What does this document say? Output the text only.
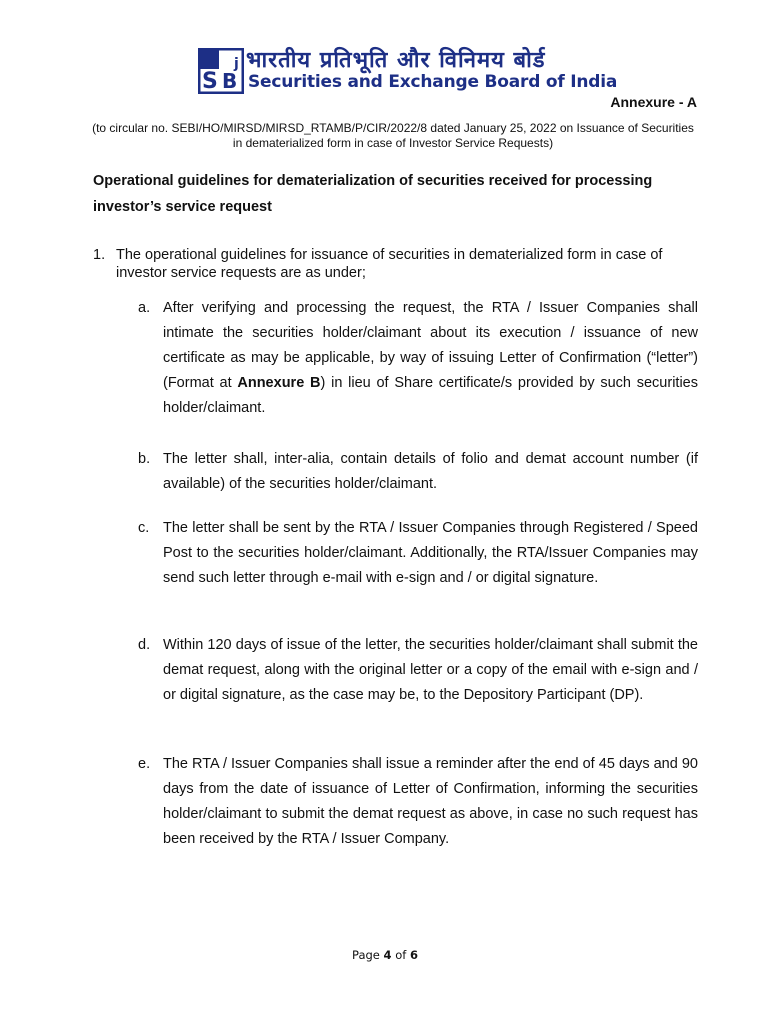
S B
j भारतीय प्रतिभूति और विनिमय बोर्ड
Securities and Exchange Board of India
Annexure - A
(to circular no. SEBI/HO/MIRSD/MIRSD_RTAMB/P/CIR/2022/8 dated January 25, 2022 on Issuance of Securities in dematerialized form in case of Investor Service Requests)
Operational guidelines for dematerialization of securities received for processing investor’s service request
1. The operational guidelines for issuance of securities in dematerialized form in case of investor service requests are as under;
a. After verifying and processing the request, the RTA / Issuer Companies shall intimate the securities holder/claimant about its execution / issuance of new certificate as may be applicable, by way of issuing Letter of Confirmation (“letter”) (Format at Annexure B) in lieu of Share certificate/s provided by such securities holder/claimant.
b. The letter shall, inter-alia, contain details of folio and demat account number (if available) of the securities holder/claimant.
c. The letter shall be sent by the RTA / Issuer Companies through Registered / Speed Post to the securities holder/claimant. Additionally, the RTA/Issuer Companies may send such letter through e-mail with e-sign and / or digital signature.
d. Within 120 days of issue of the letter, the securities holder/claimant shall submit the demat request, along with the original letter or a copy of the email with e-sign and / or digital signature, as the case may be, to the Depository Participant (DP).
e. The RTA / Issuer Companies shall issue a reminder after the end of 45 days and 90 days from the date of issuance of Letter of Confirmation, informing the securities holder/claimant to submit the demat request as above, in case no such request has been received by the RTA / Issuer Company.
Page 4 of 6
